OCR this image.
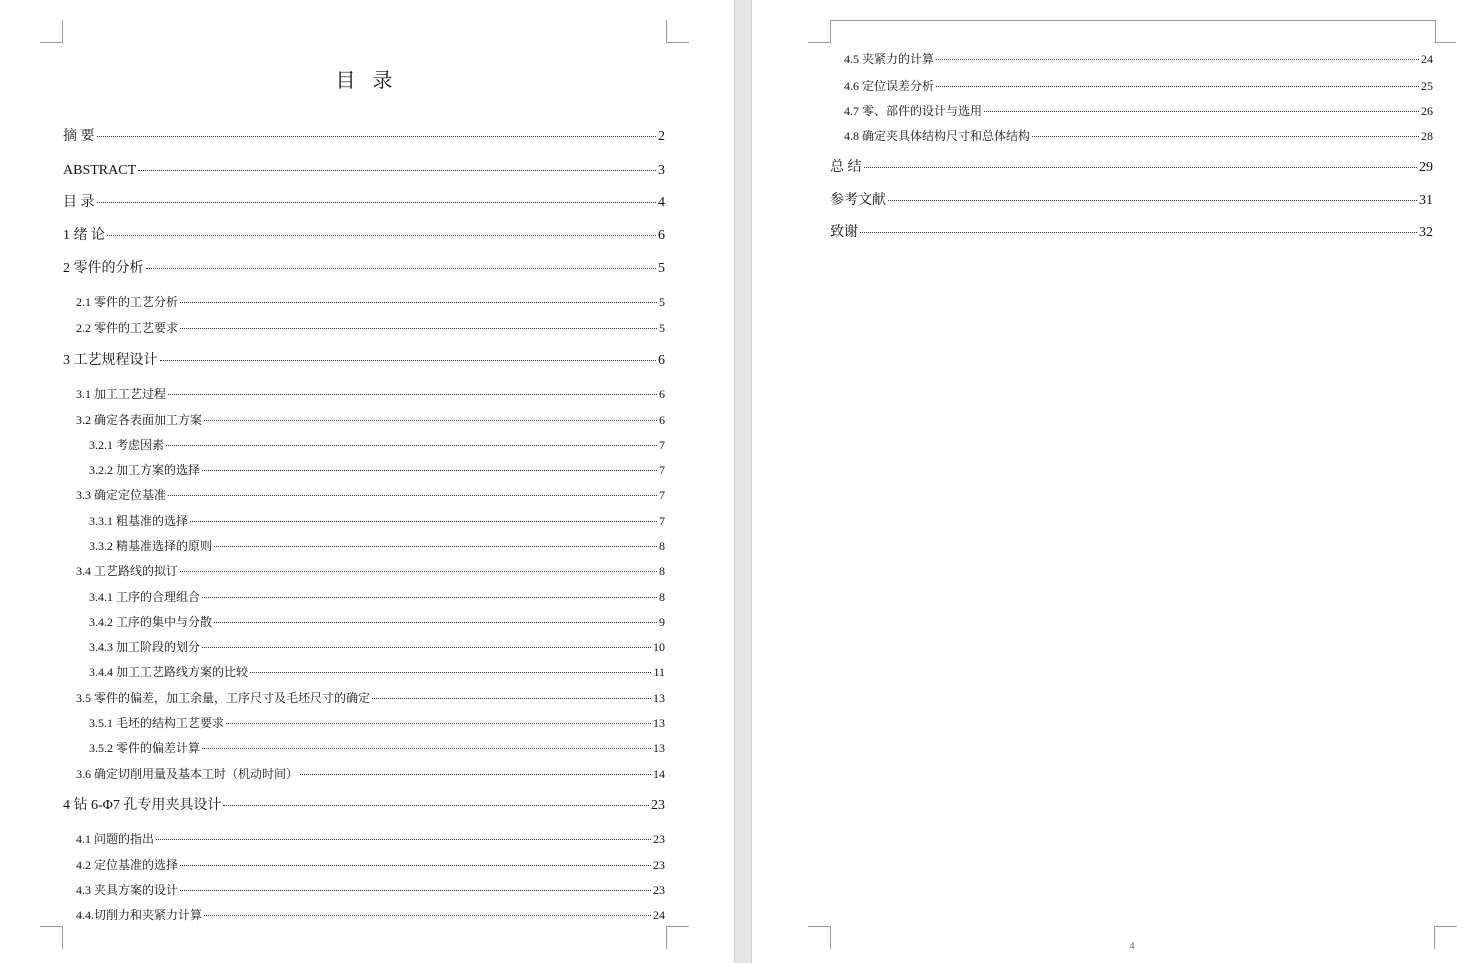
目 录
摘 要	2
ABSTRACT	3
目 录	4
1 绪 论	6
2 零件的分析	5
2.1 零件的工艺分析	5
2.2 零件的工艺要求	5
3 工艺规程设计	6
3.1 加工工艺过程	6
3.2 确定各表面加工方案	6
3.2.1 考虑因素	7
3.2.2 加工方案的选择	7
3.3 确定定位基准	7
3.3.1 粗基准的选择	7
3.3.2 精基准选择的原则	8
3.4 工艺路线的拟订	8
3.4.1 工序的合理组合	8
3.4.2 工序的集中与分散	9
3.4.3 加工阶段的划分	10
3.4.4 加工工艺路线方案的比较	11
3.5 零件的偏差，加工余量，工序尺寸及毛坯尺寸的确定	13
3.5.1 毛坯的结构工艺要求	13
3.5.2 零件的偏差计算	13
3.6 确定切削用量及基本工时（机动时间）	14
4 钻 6-Φ7 孔专用夹具设计	23
4.1 问题的指出	23
4.2 定位基准的选择	23
4.3 夹具方案的设计	23
4.4.切削力和夹紧力计算	24
4.5 夹紧力的计算	24
4.6 定位误差分析	25
4.7 零、部件的设计与选用	26
4.8 确定夹具体结构尺寸和总体结构	28
总 结	29
参考文献	31
致谢	32
4
